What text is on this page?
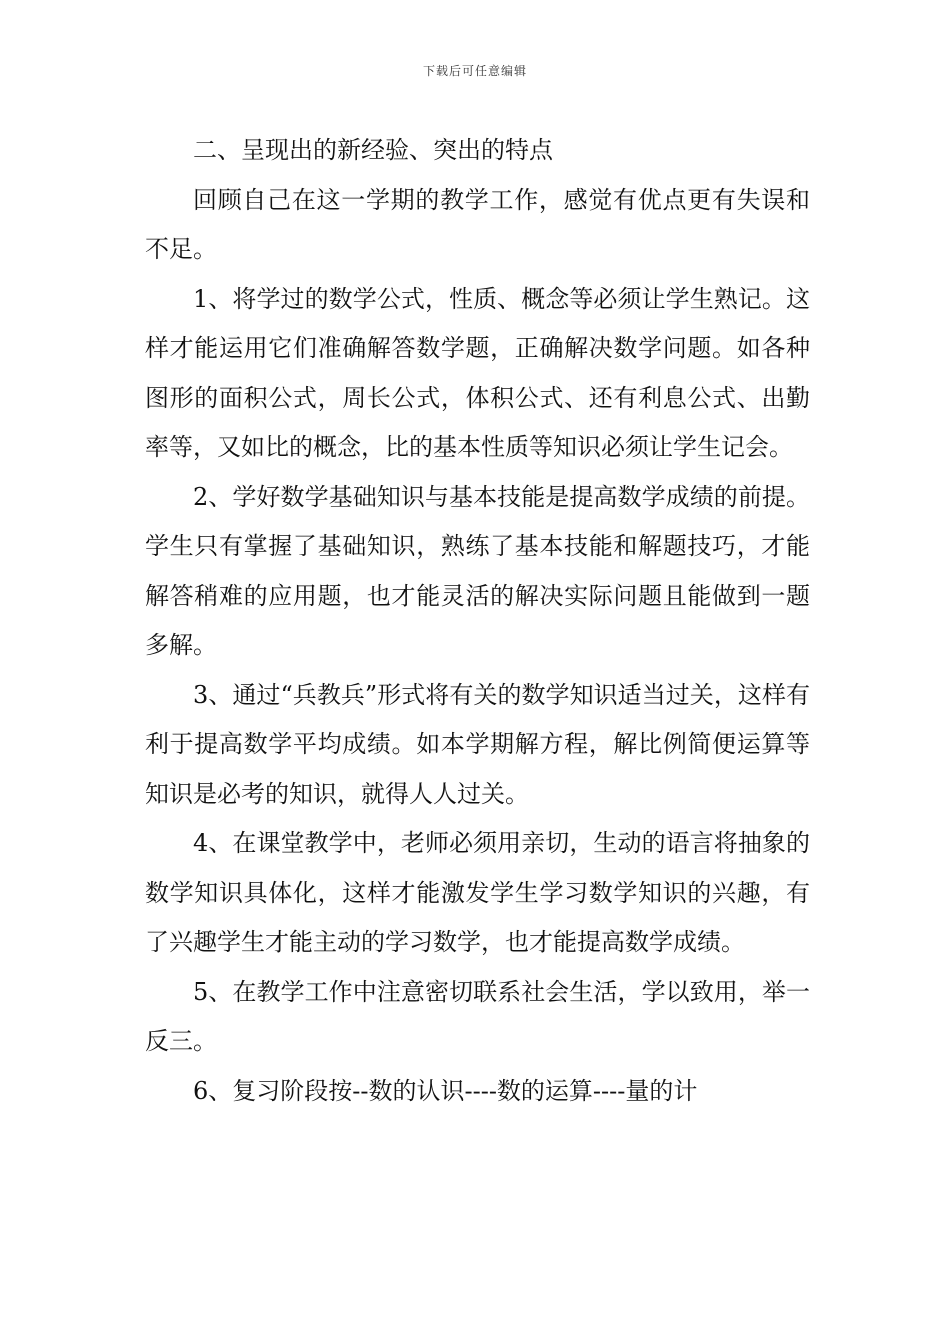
下载后可任意编辑

二、呈现出的新经验、突出的特点

回顾自己在这一学期的教学工作，感觉有优点更有失误和不足。

1、将学过的数学公式，性质、概念等必须让学生熟记。这样才能运用它们准确解答数学题，正确解决数学问题。如各种图形的面积公式，周长公式，体积公式、还有利息公式、出勤率等，又如比的概念，比的基本性质等知识必须让学生记会。

2、学好数学基础知识与基本技能是提高数学成绩的前提。学生只有掌握了基础知识，熟练了基本技能和解题技巧，才能解答稍难的应用题，也才能灵活的解决实际问题且能做到一题多解。

3、通过“兵教兵”形式将有关的数学知识适当过关，这样有利于提高数学平均成绩。如本学期解方程，解比例简便运算等知识是必考的知识，就得人人过关。

4、在课堂教学中，老师必须用亲切，生动的语言将抽象的数学知识具体化，这样才能激发学生学习数学知识的兴趣，有了兴趣学生才能主动的学习数学，也才能提高数学成绩。

5、在教学工作中注意密切联系社会生活，学以致用，举一反三。

6、复习阶段按--数的认识----数的运算----量的计
